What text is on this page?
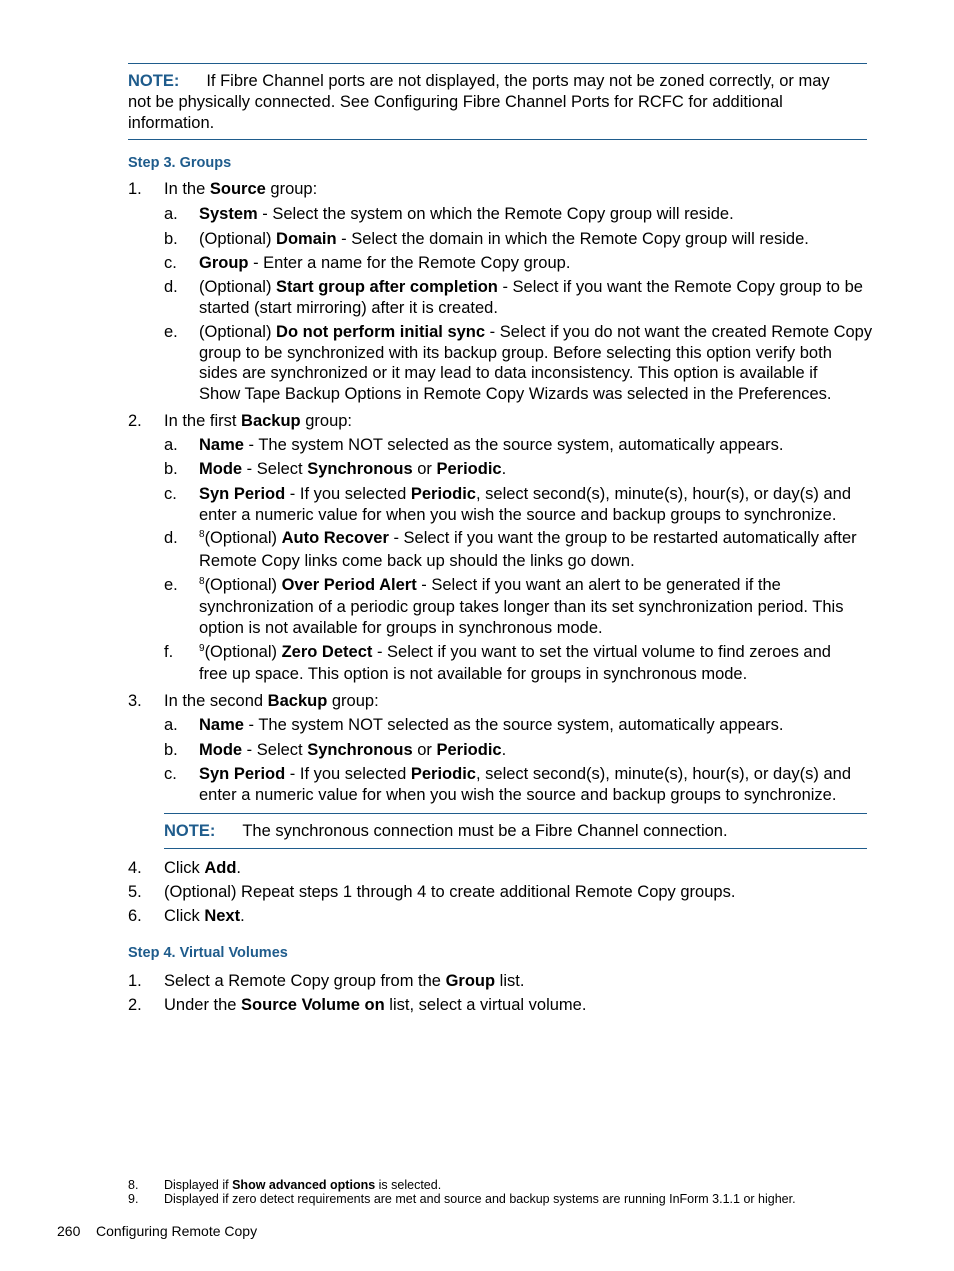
NOTE: If Fibre Channel ports are not displayed, the ports may not be zoned correctly, or may
not be physically connected. See Configuring Fibre Channel Ports for RCFC for additional
information.
Step 3. Groups
1. In the Source group:
a. System - Select the system on which the Remote Copy group will reside.
b. (Optional) Domain - Select the domain in which the Remote Copy group will reside.
c. Group - Enter a name for the Remote Copy group.
d. (Optional) Start group after completion - Select if you want the Remote Copy group to be
started (start mirroring) after it is created.
e. (Optional) Do not perform initial sync - Select if you do not want the created Remote Copy
group to be synchronized with its backup group. Before selecting this option verify both
sides are synchronized or it may lead to data inconsistency. This option is available if
Show Tape Backup Options in Remote Copy Wizards was selected in the Preferences.
2. In the first Backup group:
a. Name - The system NOT selected as the source system, automatically appears.
b. Mode - Select Synchronous or Periodic.
c. Syn Period - If you selected Periodic, select second(s), minute(s), hour(s), or day(s) and
enter a numeric value for when you wish the source and backup groups to synchronize.
d. $^8$(Optional) Auto Recover - Select if you want the group to be restarted automatically after
Remote Copy links come back up should the links go down.
e. $^8$(Optional) Over Period Alert - Select if you want an alert to be generated if the
synchronization of a periodic group takes longer than its set synchronization period. This
option is not available for groups in synchronous mode.
f.	$^9$(Optional) Zero Detect - Select if you want to set the virtual volume to find zeroes and
free up space. This option is not available for groups in synchronous mode.
3. In the second Backup group:
a. Name - The system NOT selected as the source system, automatically appears.
b. Mode - Select Synchronous or Periodic.
c. Syn Period - If you selected Periodic, select second(s), minute(s), hour(s), or day(s) and
enter a numeric value for when you wish the source and backup groups to synchronize.
NOTE: The synchronous connection must be a Fibre Channel connection.
4. Click Add.
5. (Optional) Repeat steps 1 through 4 to create additional Remote Copy groups.
6. Click Next.
Step 4. Virtual Volumes
1. Select a Remote Copy group from the Group list.
2. Under the Source Volume on list, select a virtual volume.
8. Displayed if Show advanced options is selected.
9. Displayed if zero detect requirements are met and source and backup systems are running InForm 3.1.1 or higher.
260 Configuring Remote Copy
